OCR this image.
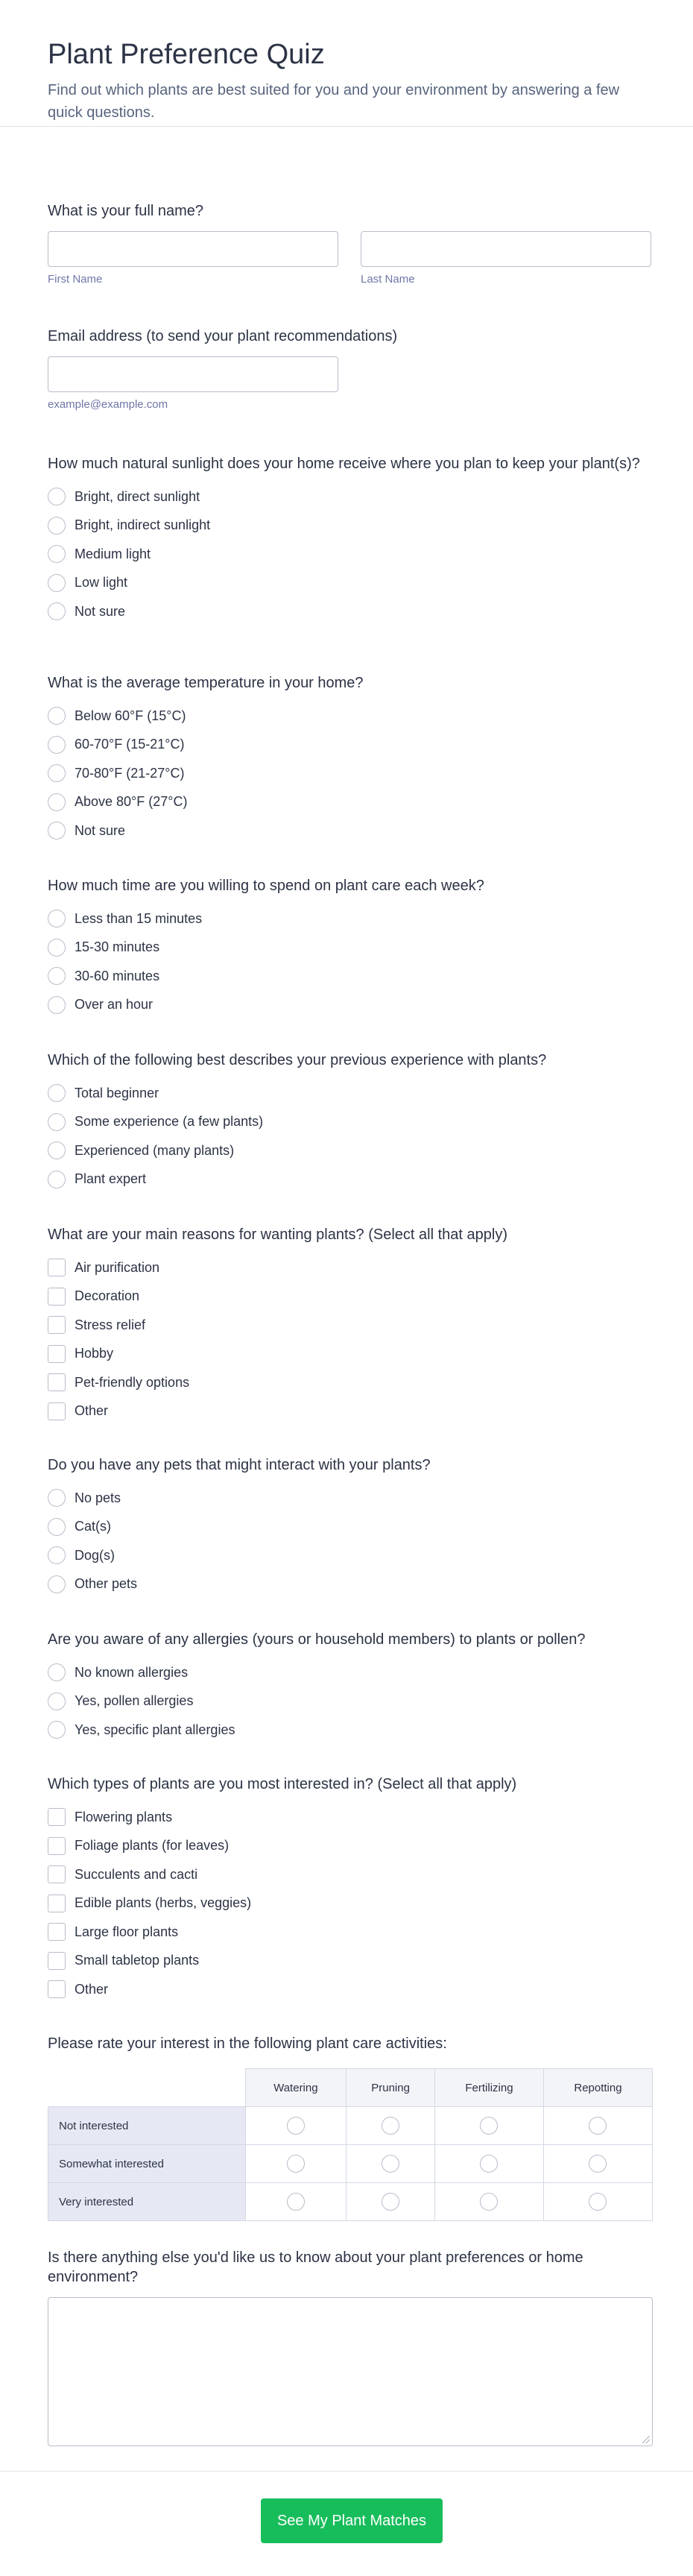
Plant Preference Quiz

Find out which plants are best suited for you and your environment by answering a few quick questions.

What is your full name?
First Name	Last Name
Email address (to send your plant recommendations)
example@example.com
How much natural sunlight does your home receive where you plan to keep your plant(s)?
Bright, direct sunlight
Bright, indirect sunlight
Medium light
Low light
Not sure
What is the average temperature in your home?
Below 60°F (15°C)
60-70°F (15-21°C)
70-80°F (21-27°C)
Above 80°F (27°C)
Not sure
How much time are you willing to spend on plant care each week?
Less than 15 minutes
15-30 minutes
30-60 minutes
Over an hour
Which of the following best describes your previous experience with plants?
Total beginner
Some experience (a few plants)
Experienced (many plants)
Plant expert
What are your main reasons for wanting plants? (Select all that apply)
Air purification
Decoration
Stress relief
Hobby
Pet-friendly options
Other
Do you have any pets that might interact with your plants?
No pets
Cat(s)
Dog(s)
Other pets
Are you aware of any allergies (yours or household members) to plants or pollen?
No known allergies
Yes, pollen allergies
Yes, specific plant allergies
Which types of plants are you most interested in? (Select all that apply)
Flowering plants
Foliage plants (for leaves)
Succulents and cacti
Edible plants (herbs, veggies)
Large floor plants
Small tabletop plants
Other
Please rate your interest in the following plant care activities:
	Watering	Pruning	Fertilizing	Repotting
Not interested				
Somewhat interested				
Very interested				
Is there anything else you'd like us to know about your plant preferences or home environment?
See My Plant Matches
